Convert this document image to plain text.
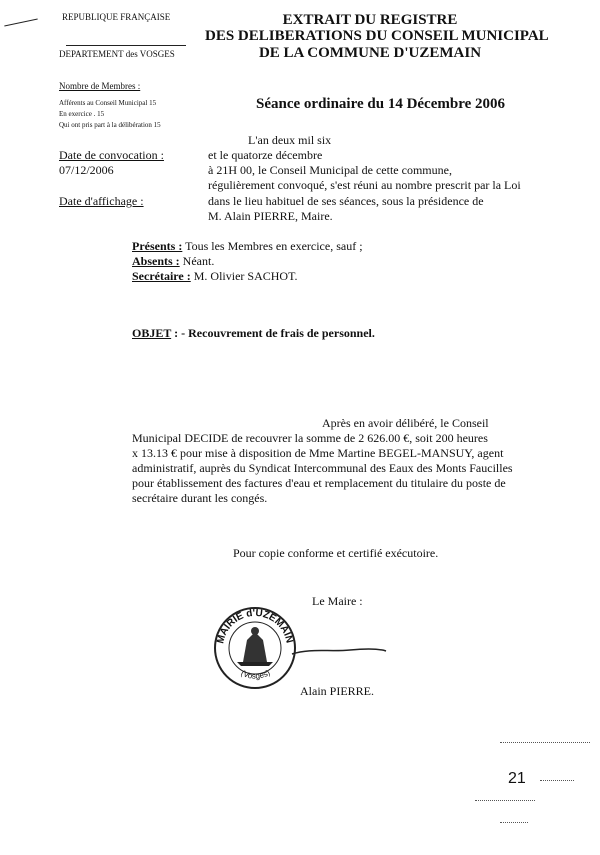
REPUBLIQUE FRANÇAISE
DEPARTEMENT des VOSGES
EXTRAIT DU REGISTRE
DES DELIBERATIONS DU CONSEIL MUNICIPAL
DE LA COMMUNE D'UZEMAIN
Nombre de Membres :
Afférents au Conseil Municipal 15
En exercice . 15
Qui ont pris part à la délibération 15
Séance ordinaire du 14 Décembre 2006
Date de convocation :
07/12/2006
Date d'affichage :
L'an deux mil six
et le quatorze décembre
à 21H 00, le Conseil Municipal de cette commune,
régulièrement convoqué, s'est réuni au nombre prescrit par la Loi
dans le lieu habituel de ses séances, sous la présidence de
M. Alain PIERRE, Maire.
Présents : Tous les Membres en exercice, sauf ;
Absents : Néant.
Secrétaire : M. Olivier SACHOT.
OBJET : - Recouvrement de frais de personnel.
Après en avoir délibéré, le Conseil
Municipal DECIDE de recouvrer la somme de 2 626.00 €, soit 200 heures
x 13.13 € pour mise à disposition de Mme Martine BEGEL-MANSUY, agent
administratif, auprès du Syndicat Intercommunal des Eaux des Monts Faucilles
pour établissement des factures d'eau et remplacement du titulaire du poste de
secrétaire durant les congés.
Pour copie conforme et certifié exécutoire.
Le Maire :
MAIRIE d'UZEMAIN
(Vosges)
Alain PIERRE.
21
